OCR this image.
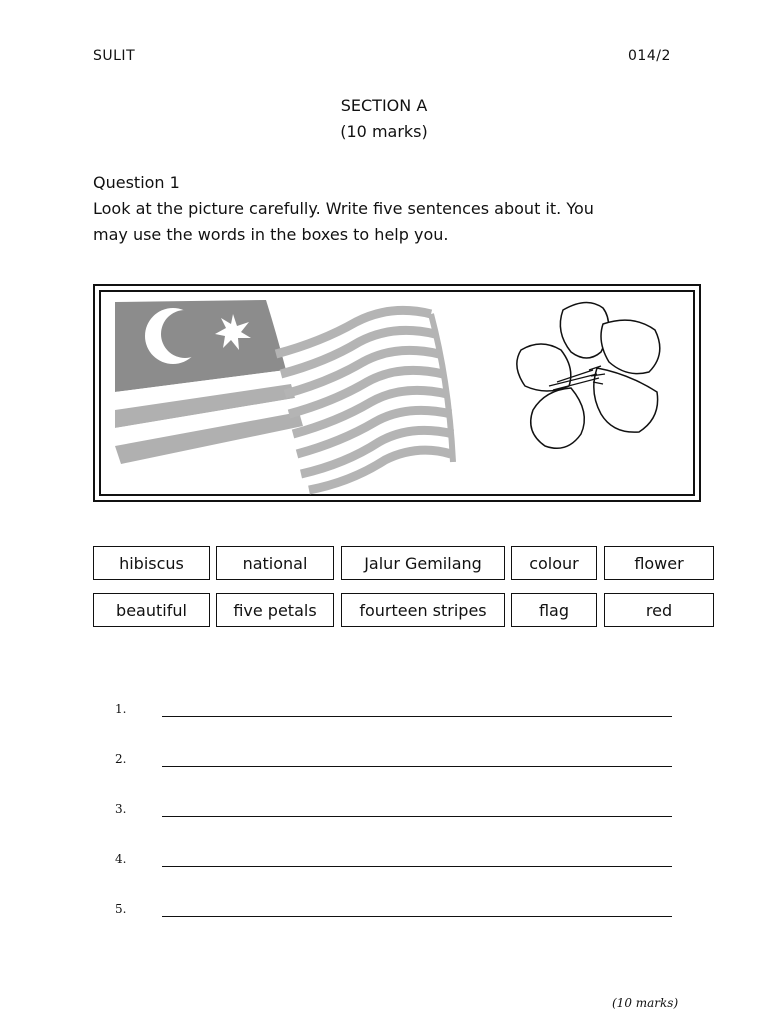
SULIT	014/2
SECTION A
(10 marks)
Question 1
Look at the picture carefully. Write five sentences about it. You
may use the words in the boxes to help you.
hibiscus	national	Jalur Gemilang	colour	flower
beautiful	five petals	fourteen stripes	flag	red
1.
2.
3.
4.
5.
(10 marks)
